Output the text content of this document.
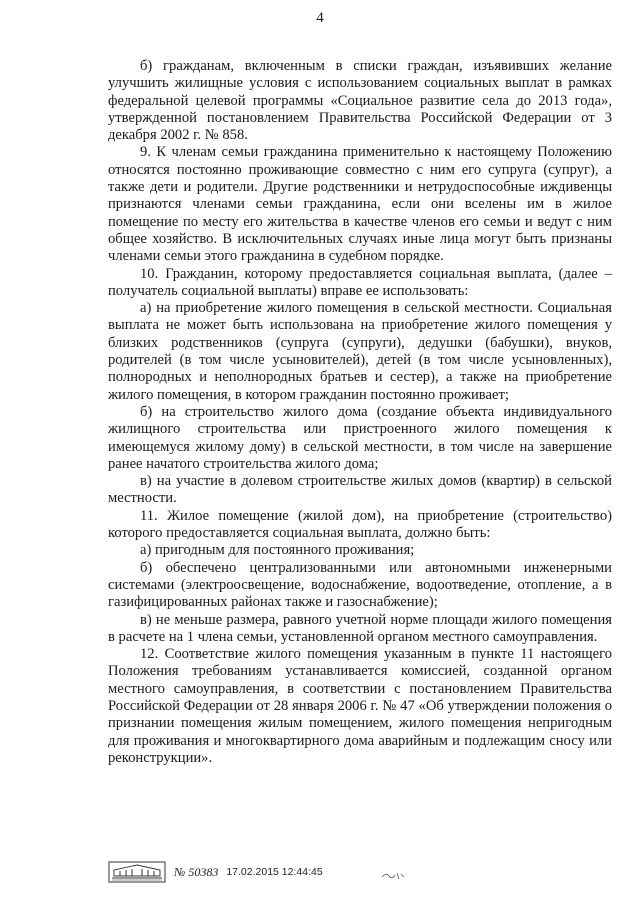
4

б) гражданам, включенным в списки граждан, изъявивших желание улучшить жилищные условия с использованием социальных выплат в рамках федеральной целевой программы «Социальное развитие села до 2013 года», утвержденной постановлением Правительства Российской Федерации от 3 декабря 2002 г. № 858.

9. К членам семьи гражданина применительно к настоящему Положению относятся постоянно проживающие совместно с ним его супруга (супруг), а также дети и родители. Другие родственники и нетрудоспособные иждивенцы признаются членами семьи гражданина, если они вселены им в жилое помещение по месту его жительства в качестве членов его семьи и ведут с ним общее хозяйство. В исключительных случаях иные лица могут быть признаны членами семьи этого гражданина в судебном порядке.

10. Гражданин, которому предоставляется социальная выплата, (далее – получатель социальной выплаты) вправе ее использовать:

а) на приобретение жилого помещения в сельской местности. Социальная выплата не может быть использована на приобретение жилого помещения у близких родственников (супруга (супруги), дедушки (бабушки), внуков, родителей (в том числе усыновителей), детей (в том числе усыновленных), полнородных и неполнородных братьев и сестер), а также на приобретение жилого помещения, в котором гражданин постоянно проживает;

б) на строительство жилого дома (создание объекта индивидуального жилищного строительства или пристроенного жилого помещения к имеющемуся жилому дому) в сельской местности, в том числе на завершение ранее начатого строительства жилого дома;

в) на участие в долевом строительстве жилых домов (квартир) в сельской местности.

11. Жилое помещение (жилой дом), на приобретение (строительство) которого предоставляется социальная выплата, должно быть:

а) пригодным для постоянного проживания;

б) обеспечено централизованными или автономными инженерными системами (электроосвещение, водоснабжение, водоотведение, отопление, а в газифицированных районах также и газоснабжение);

в) не меньше размера, равного учетной норме площади жилого помещения в расчете на 1 члена семьи, установленной органом местного самоуправления.

12. Соответствие жилого помещения указанным в пункте 11 настоящего Положения требованиям устанавливается комиссией, созданной органом местного самоуправления, в соответствии с постановлением Правительства Российской Федерации от 28 января 2006 г. № 47 «Об утверждении положения о признании помещения жилым помещением, жилого помещения непригодным для проживания и многоквартирного дома аварийным и подлежащим сносу или реконструкции».

№ 50383 17.02.2015 12:44:45
